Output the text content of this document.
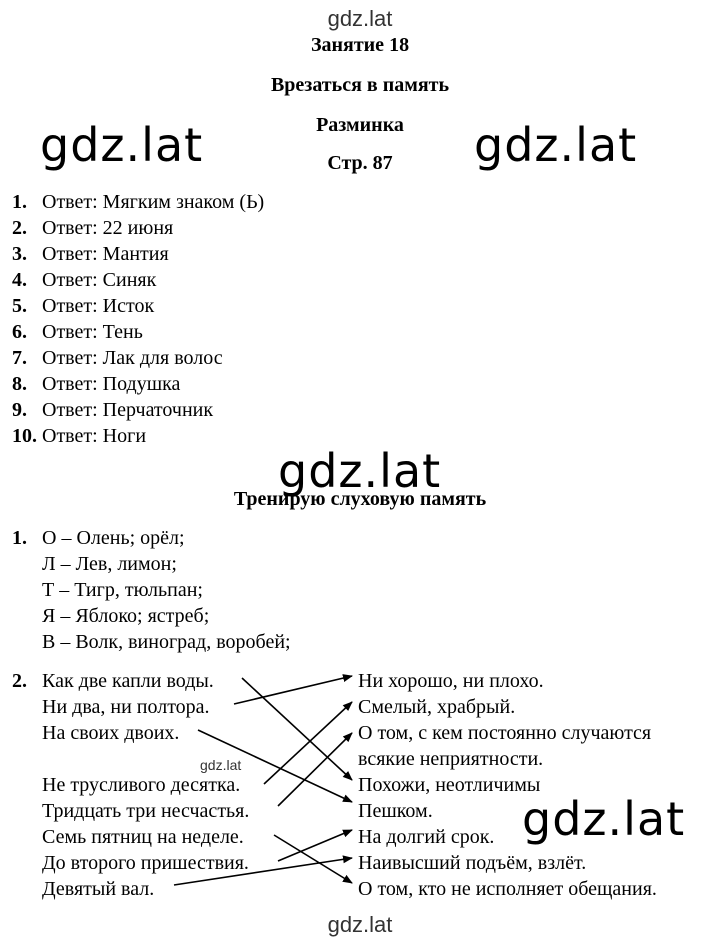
gdz.lat
gdz.lat	gdz.lat
gdz.lat
gdz.lat
gdz.lat
gdz.lat
Занятие 18
Врезаться в память
Разминка
Стр. 87
1. Ответ: Мягким знаком (Ь)
2. Ответ: 22 июня
3. Ответ: Мантия
4. Ответ: Синяк
5. Ответ: Исток
6. Ответ: Тень
7. Ответ: Лак для волос
8. Ответ: Подушка
9. Ответ: Перчаточник
10. Ответ: Ноги
Тренирую слуховую память
1. О – Олень; орёл;
Л – Лев, лимон;
Т – Тигр, тюльпан;
Я – Яблоко; ястреб;
В – Волк, виноград, воробей;
2. Как две капли воды.
Ни два, ни полтора.
На своих двоих.
Не трусливого десятка.
Тридцать три несчастья.
Семь пятниц на неделе.
До второго пришествия.
Девятый вал.
Ни хорошо, ни плохо.
Смелый, храбрый.
О том, с кем постоянно случаются
всякие неприятности.
Похожи, неотличимы
Пешком.
На долгий срок.
Наивысший подъём, взлёт.
О том, кто не исполняет обещания.
